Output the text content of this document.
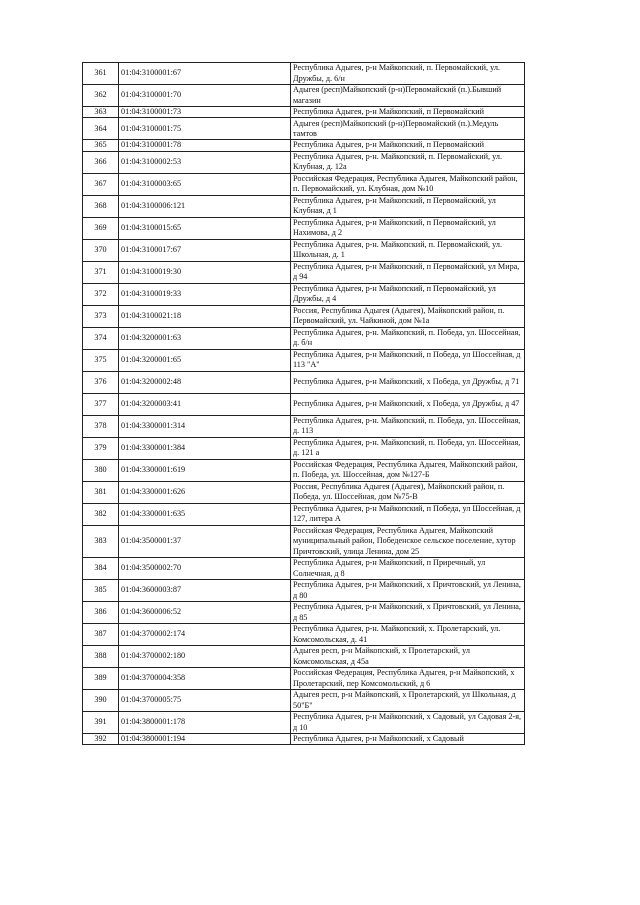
361	01:04:3100001:67	Республика Адыгея, р-н Майкопский, п. Первомайский, ул. Дружбы, д. 6/н
362	01:04:3100001:70	Адыгея (респ)Майкопский (р-н)Первомайский (п.).Бывший магазин
363	01:04:3100001:73	Республика Адыгея, р-н Майкопский, п Первомайский
364	01:04:3100001:75	Адыгея (респ)Майкопский (р-н)Первомайский (п.).Медуль тамтов
365	01:04:3100001:78	Республика Адыгея, р-н Майкопский, п Первомайский
366	01:04:3100002:53	Республика Адыгея, р-н. Майкопский, п. Первомайский, ул. Клубная, д. 12а
367	01:04:3100003:65	Российская Федерация, Республика Адыгея, Майкопский район, п. Первомайский, ул. Клубная, дом №10
368	01:04:3100006:121	Республика Адыгея, р-н Майкопский, п Первомайский, ул Клубная, д 1
369	01:04:3100015:65	Республика Адыгея, р-н Майкопский, п Первомайский, ул Нахимова, д 2
370	01:04:3100017:67	Республика Адыгея, р-н. Майкопский, п. Первомайский, ул. Школьная, д. 1
371	01:04:3100019:30	Республика Адыгея, р-н Майкопский, п Первомайский, ул Мира, д 94
372	01:04:3100019:33	Республика Адыгея, р-н Майкопский, п Первомайский, ул Дружбы, д 4
373	01:04:3100021:18	Россия, Республика Адыгея (Адыгея), Майкопский район, п. Первомайский, ул. Чайкиной, дом №1а
374	01:04:3200001:63	Республика Адыгея, р-н. Майкопский, п. Победа, ул. Шоссейная, д. б/н
375	01:04:3200001:65	Республика Адыгея, р-н Майкопский, п Победа, ул Шоссейная, д 113 "А"
376	01:04:3200002:48	Республика Адыгея, р-н Майкопский, х Победа, ул Дружбы, д 71
377	01:04:3200003:41	Республика Адыгея, р-н Майкопский, х Победа, ул Дружбы, д 47
378	01:04:3300001:314	Республика Адыгея, р-н. Майкопский, п. Победа, ул. Шоссейная, д. 113
379	01:04:3300001:384	Республика Адыгея, р-н. Майкопский, п. Победа, ул. Шоссейная, д. 121 а
380	01:04:3300001:619	Российская Федерация, Республика Адыгея, Майкопский район, п. Победа, ул. Шоссейная, дом №127-Б
381	01:04:3300001:626	Россия, Республика Адыгея (Адыгея), Майкопский район, п. Победа, ул. Шоссейная, дом №75-В
382	01:04:3300001:635	Республика Адыгея, р-н Майкопский, п Победа, ул Шоссейная, д 127, литера А
383	01:04:3500001:37	Российская Федерация, Республика Адыгея, Майкопский муниципальный район, Победенское сельское поселение, хутор Причтовский, улица Ленина, дом 25
384	01:04:3500002:70	Республика Адыгея, р-н Майкопский, п Приречный, ул Солнечная, д 8
385	01:04:3600003:87	Республика Адыгея, р-н Майкопский, х Причтовский, ул Ленина, д 80
386	01:04:3600006:52	Республика Адыгея, р-н Майкопский, х Причтовский, ул Ленина, д 85
387	01:04:3700002:174	Республика Адыгея, р-н. Майкопский, х. Пролетарский, ул. Комсомольская, д. 41
388	01:04:3700002:180	Адыгея респ, р-н Майкопский, х Пролетарский, ул Комсомольская, д 45а
389	01:04:3700004:358	Российская Федерация, Республика Адыгея, р-н Майкопский, х Пролетарский, пер Комсомольский, д 6
390	01:04:3700005:75	Адыгея респ, р-н Майкопский, х Пролетарский, ул Школьная, д 50"Б"
391	01:04:3800001:178	Республика Адыгея, р-н Майкопский, х Садовый, ул Садовая 2-я, д 10
392	01:04:3800001:194	Республика Адыгея, р-н Майкопский, х Садовый
